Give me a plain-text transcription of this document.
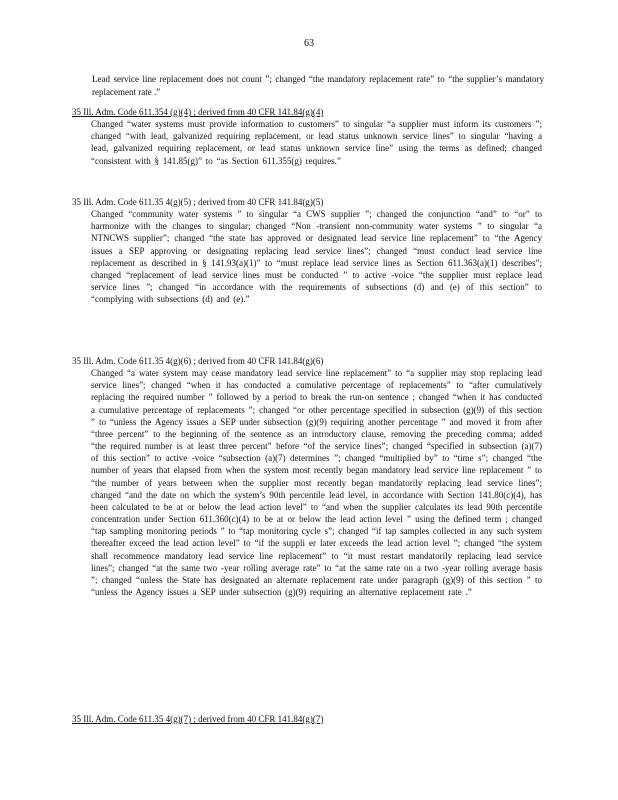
63
Lead service line replacement does not count ”; changed “the mandatory replacement rate” to “the supplier’s mandatory replacement rate .”
35 Ill. Adm. Code 611.354 (g)(4) ; derived from 40 CFR 141.84(g)(4)
Changed “water systems must provide information to customers” to singular “a supplier must inform its customers ”; changed “with lead, galvanized requiring replacement, or lead status unknown service lines” to singular “having a lead, galvanized requiring replacement, or lead status unknown service line” using the terms as defined; changed “consistent with § 141.85(g)” to “as Section 611.355(g) requires.”
35 Ill. Adm. Code 611.35 4(g)(5) ; derived from 40 CFR 141.84(g)(5)
Changed “community water systems ” to singular “a CWS supplier ”; changed the conjunction “and” to “or” to harmonize with the changes to singular; changed “Non -transient non-community water systems ” to singular “a NTNCWS supplier”; changed “the state has approved or designated lead service line replacement” to “the Agency issues a SEP approving or designating replacing lead service lines”; changed “must conduct lead service line replacement as described in § 141.93(a)(1)” to “must replace lead service lines as Section 611.363(a)(1) describes”; changed “replacement of lead service lines must be conducted ” to active -voice “the supplier must replace lead service lines ”; changed “in accordance with the requirements of subsections (d) and (e) of this section” to “complying with subsections (d) and (e).”
35 Ill. Adm. Code 611.35 4(g)(6) ; derived from 40 CFR 141.84(g)(6)
Changed “a water system may cease mandatory lead service line replacement” to “a supplier may stop replacing lead service lines”; changed “when it has conducted a cumulative percentage of replacements” to “after cumulatively replacing the required number ” followed by a period to break the run-on sentence ; changed “when it has conducted a cumulative percentage of replacements ”; changed “or other percentage specified in subsection (g)(9) of this section ” to “unless the Agency issues a SEP under subsection (g)(9) requiring another percentage ” and moved it from after “three percent” to the beginning of the sentence as an introductory clause, removing the preceding comma; added “the required number is at least three percent” before “of the service lines”; changed “specified in subsection (a)(7) of this section” to active -voice “subsection (a)(7) determines ”; changed “multiplied by” to “time s”; changed “the number of years that elapsed from when the system most recently began mandatory lead service line replacement ” to “the number of years between when the supplier most recently began mandatorily replacing lead service lines”; changed “and the date on which the system’s 90th percentile lead level, in accordance with Section 141.80(c)(4), has been calculated to be at or below the lead action level” to “and when the supplier calculates its lead 90th percentile concentration under Section 611.360(c)(4) to be at or below the lead action level ” using the defined term ; changed “tap sampling monitoring periods ” to “tap monitoring cycle s”; changed “if tap samples collected in any such system thereafter exceed the lead action level” to “if the suppli er later exceeds the lead action level ”; changed “the system shall recommence mandatory lead service line replacement” to “it must restart mandatorily replacing lead service lines”; changed “at the same two -year rolling average rate” to “at the same rate on a two -year rolling average basis ”; changed “unless the State has designated an alternate replacement rate under paragraph (g)(9) of this section ” to “unless the Agency issues a SEP under subsection (g)(9) requiring an alternative replacement rate .”
35 Ill. Adm. Code 611.35 4(g)(7) ; derived from 40 CFR 141.84(g)(7)
